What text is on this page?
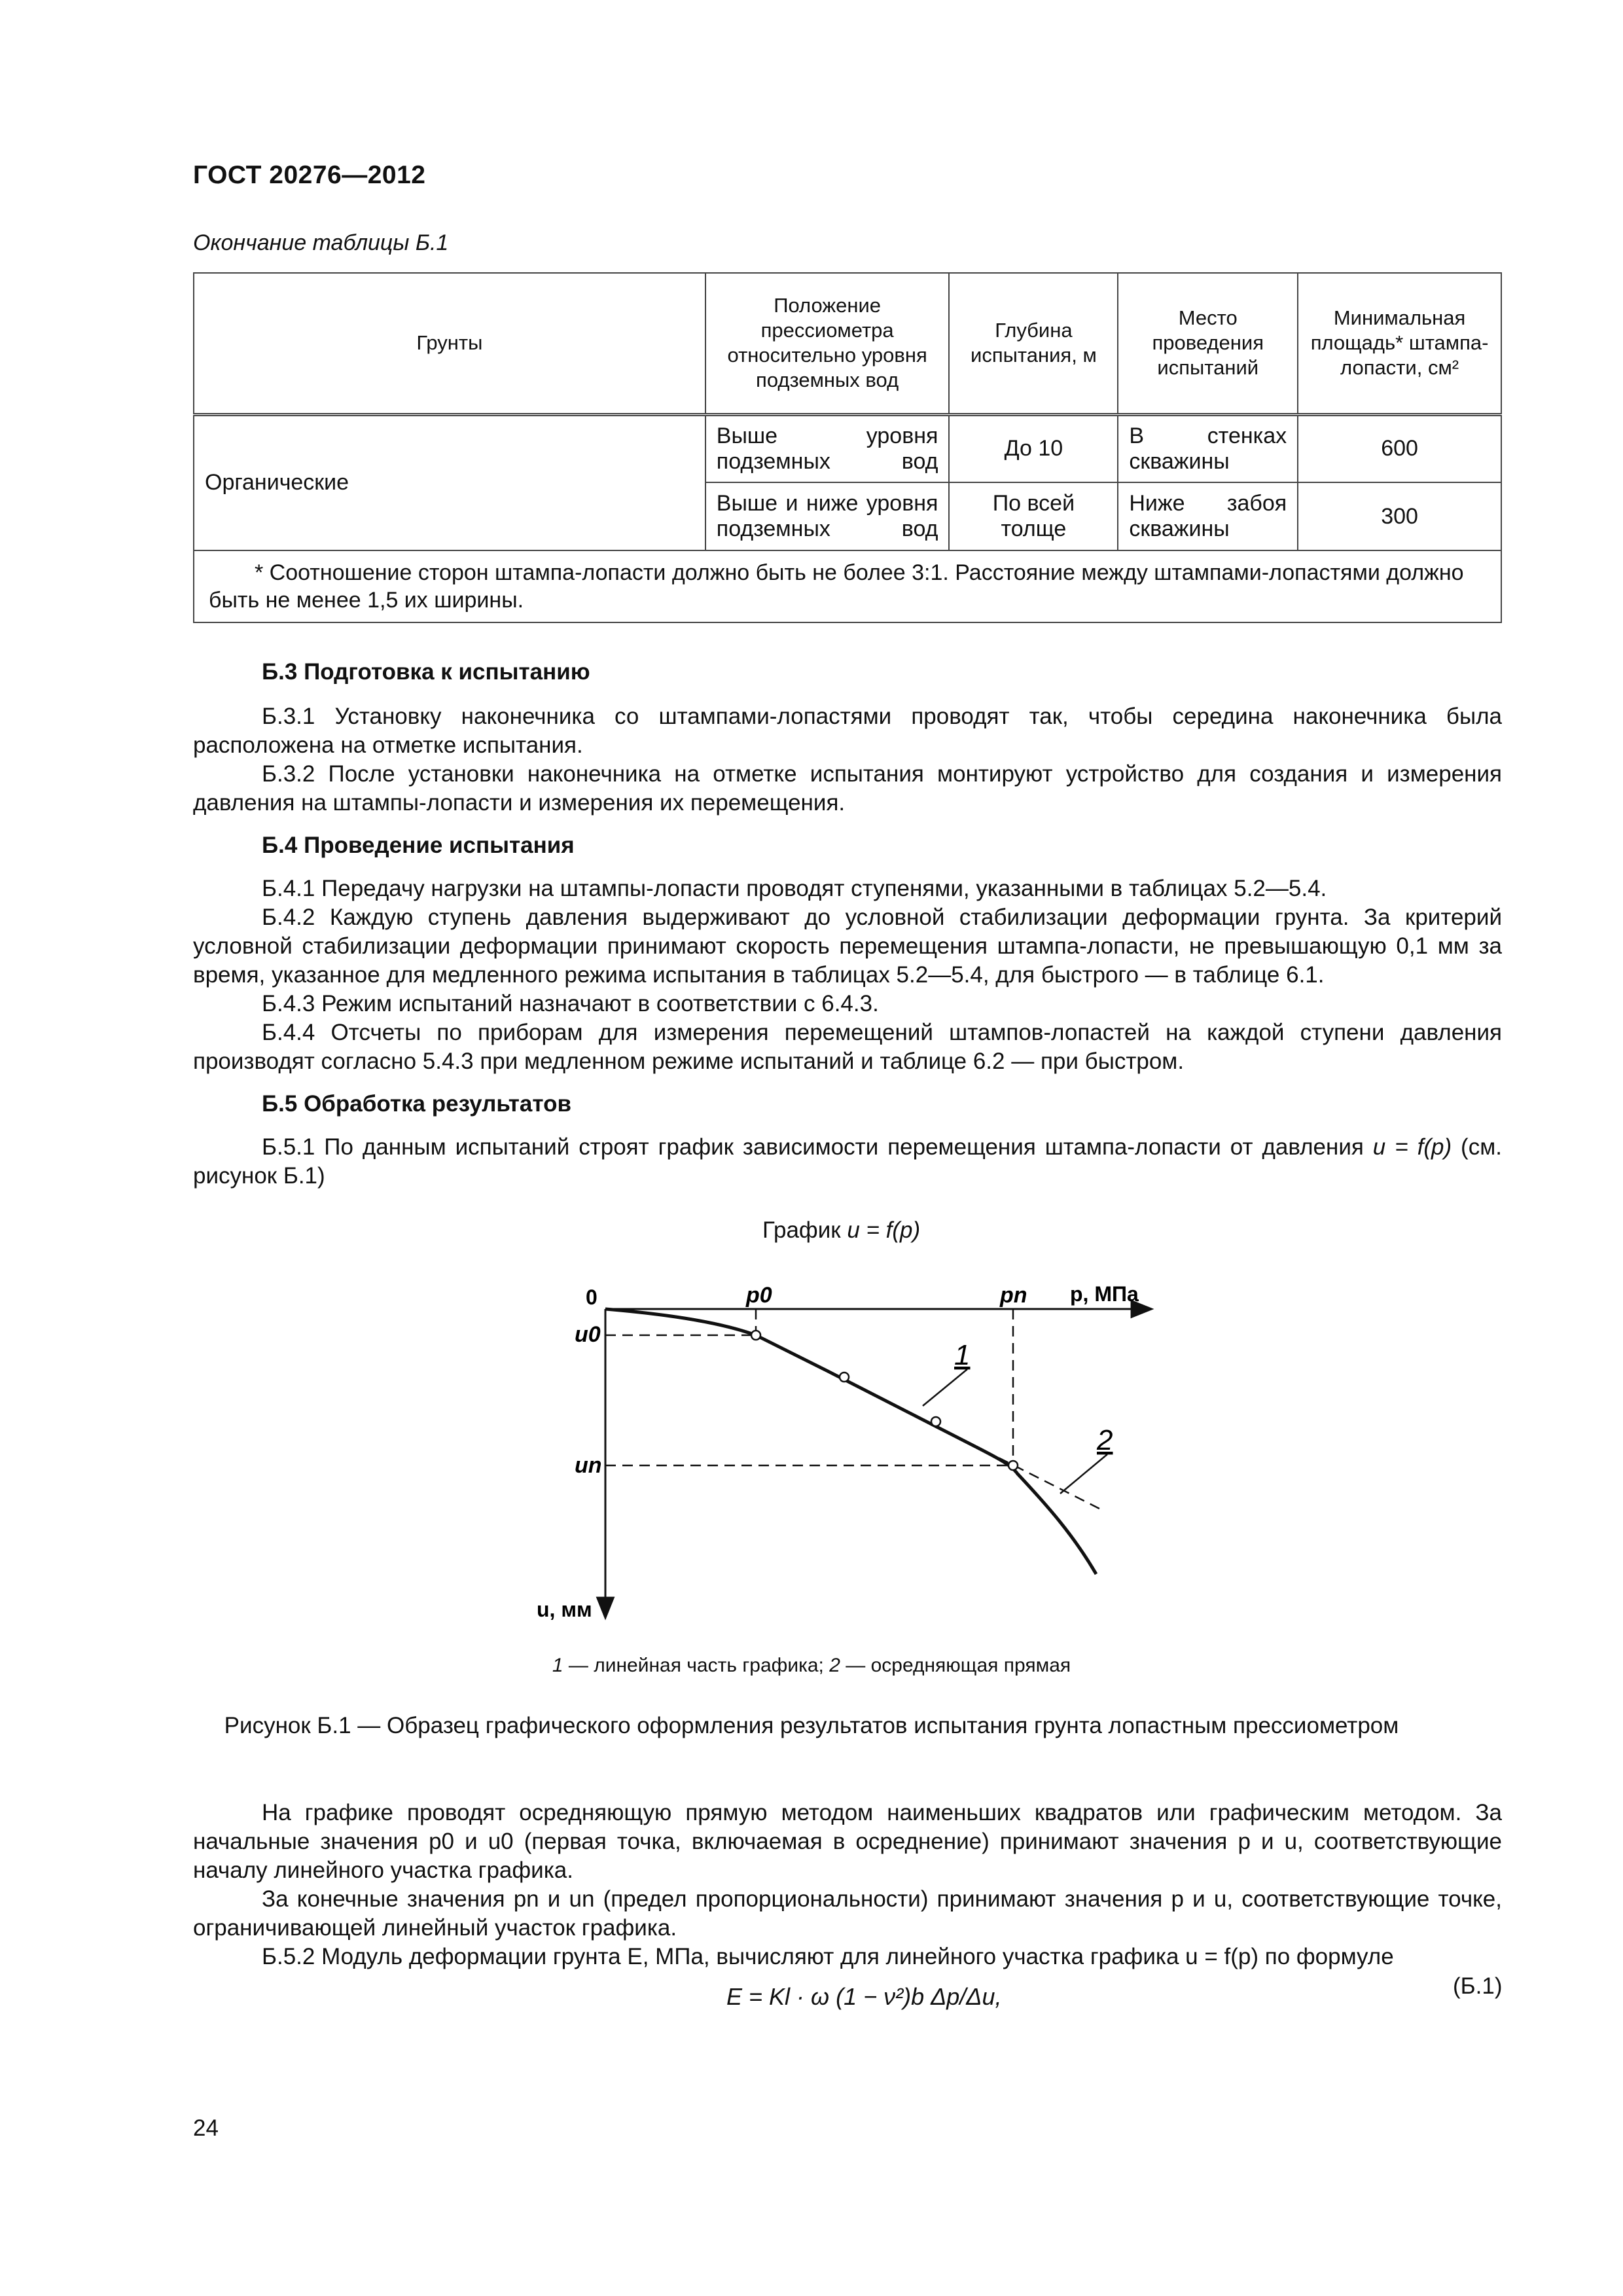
ГОСТ 20276—2012
Окончание таблицы Б.1
Грунты	Положение прессиометра относительно уровня подземных вод	Глубина испытания, м	Место проведения испытаний	Минимальная площадь* штампа-лопасти, см²
Органические	Выше уровня подземных вод	До 10	В стенках скважины	600
	Выше и ниже уровня подземных вод	По всей толще	Ниже забоя скважины	300
* Соотношение сторон штампа-лопасти должно быть не более 3:1. Расстояние между штампами-лопастями должно быть не менее 1,5 их ширины.				
Б.3 Подготовка к испытанию
Б.3.1 Установку наконечника со штампами-лопастями проводят так, чтобы середина наконечника была расположена на отметке испытания.
Б.3.2 После установки наконечника на отметке испытания монтируют устройство для создания и измерения давления на штампы-лопасти и измерения их перемещения.
Б.4 Проведение испытания
Б.4.1 Передачу нагрузки на штампы-лопасти проводят ступенями, указанными в таблицах 5.2—5.4.
Б.4.2 Каждую ступень давления выдерживают до условной стабилизации деформации грунта. За критерий условной стабилизации деформации принимают скорость перемещения штампа-лопасти, не превышающую 0,1 мм за время, указанное для медленного режима испытания в таблицах 5.2—5.4, для быстрого — в таблице 6.1.
Б.4.3 Режим испытаний назначают в соответствии с 6.4.3.
Б.4.4 Отсчеты по приборам для измерения перемещений штампов-лопастей на каждой ступени давления производят согласно 5.4.3 при медленном режиме испытаний и таблице 6.2 — при быстром.
Б.5 Обработка результатов
Б.5.1 По данным испытаний строят график зависимости перемещения штампа-лопасти от давления u = f(p) (см. рисунок Б.1)
График u = f(p)
0	p0	pn p, МПа
u0
un
u, мм
1
2
1 — линейная часть графика; 2 — осредняющая прямая
Рисунок Б.1 — Образец графического оформления результатов испытания грунта лопастным прессиометром
На графике проводят осредняющую прямую методом наименьших квадратов или графическим методом. За начальные значения p0 и u0 (первая точка, включаемая в осреднение) принимают значения p и u, соответствующие началу линейного участка графика.
За конечные значения pn и un (предел пропорциональности) принимают значения p и u, соответствующие точке, ограничивающей линейный участок графика.
Б.5.2 Модуль деформации грунта E, МПа, вычисляют для линейного участка графика u = f(p) по формуле
E = Kl · ω (1 − ν²)b Δp/Δu,	(Б.1)
24
